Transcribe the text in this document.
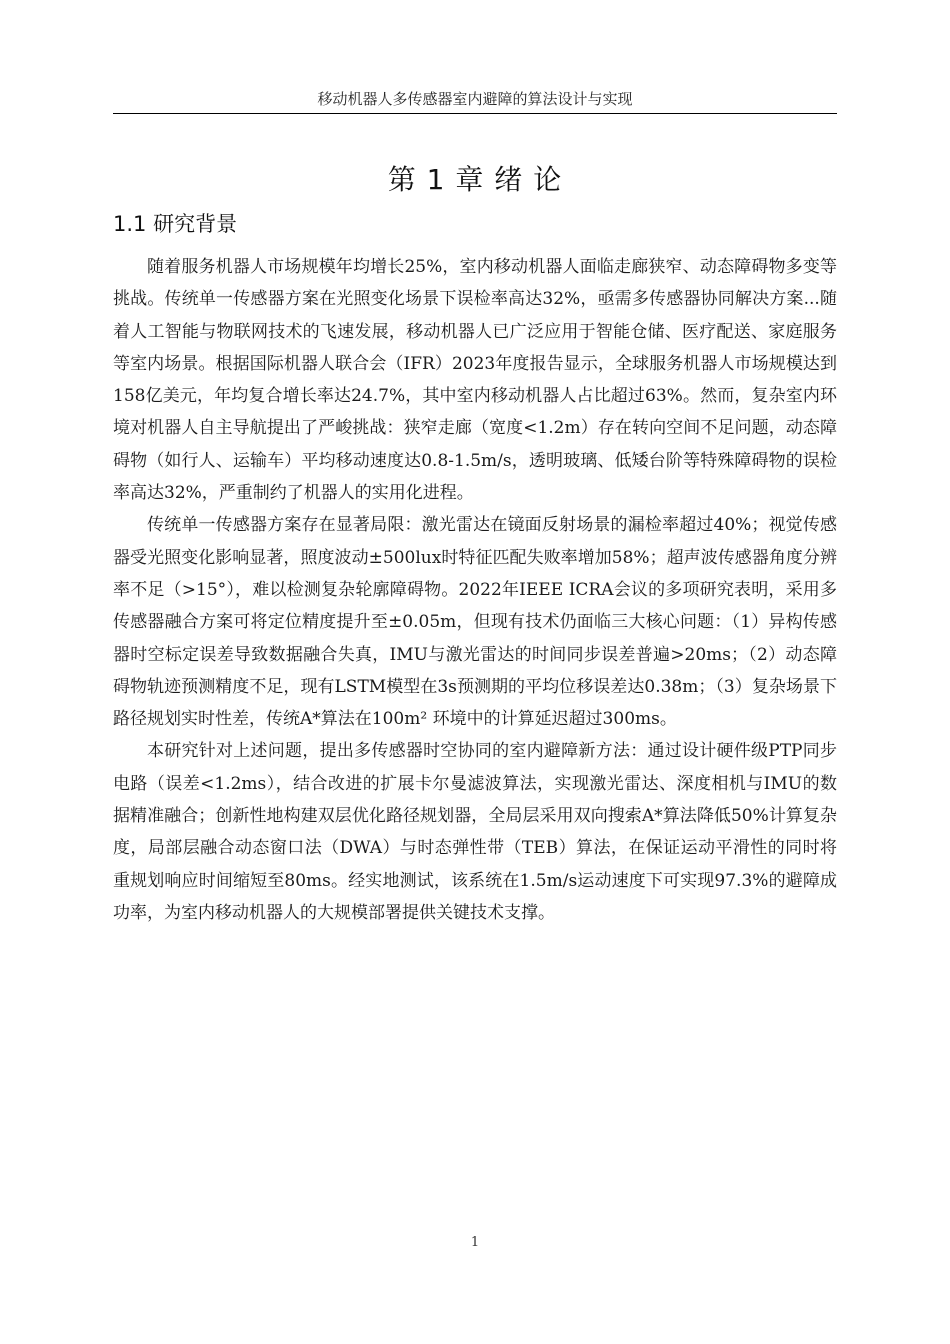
移动机器人多传感器室内避障的算法设计与实现
第 1 章 绪 论
1.1 研究背景

随着服务机器人市场规模年均增长25%，室内移动机器人面临走廊狭窄、动态障碍物多变等挑战。传统单一传感器方案在光照变化场景下误检率高达32%，亟需多传感器协同解决方案...随着人工智能与物联网技术的飞速发展，移动机器人已广泛应用于智能仓储、医疗配送、家庭服务等室内场景。根据国际机器人联合会（IFR）2023年度报告显示，全球服务机器人市场规模达到158亿美元，年均复合增长率达24.7%，其中室内移动机器人占比超过63%。然而，复杂室内环境对机器人自主导航提出了严峻挑战：狭窄走廊（宽度<1.2m）存在转向空间不足问题，动态障碍物（如行人、运输车）平均移动速度达0.8-1.5m/s，透明玻璃、低矮台阶等特殊障碍物的误检率高达32%，严重制约了机器人的实用化进程。

传统单一传感器方案存在显著局限：激光雷达在镜面反射场景的漏检率超过40%；视觉传感器受光照变化影响显著，照度波动±500lux时特征匹配失败率增加58%；超声波传感器角度分辨率不足（>15°），难以检测复杂轮廓障碍物。2022年IEEE ICRA会议的多项研究表明，采用多传感器融合方案可将定位精度提升至±0.05m，但现有技术仍面临三大核心问题：（1）异构传感器时空标定误差导致数据融合失真，IMU与激光雷达的时间同步误差普遍>20ms；（2）动态障碍物轨迹预测精度不足，现有LSTM模型在3s预测期的平均位移误差达0.38m；（3）复杂场景下路径规划实时性差，传统A*算法在100m² 环境中的计算延迟超过300ms。

本研究针对上述问题，提出多传感器时空协同的室内避障新方法：通过设计硬件级PTP同步电路（误差<1.2ms），结合改进的扩展卡尔曼滤波算法，实现激光雷达、深度相机与IMU的数据精准融合；创新性地构建双层优化路径规划器，全局层采用双向搜索A*算法降低50%计算复杂度，局部层融合动态窗口法（DWA）与时态弹性带（TEB）算法，在保证运动平滑性的同时将重规划响应时间缩短至80ms。经实地测试，该系统在1.5m/s运动速度下可实现97.3%的避障成功率，为室内移动机器人的大规模部署提供关键技术支撑。

1
